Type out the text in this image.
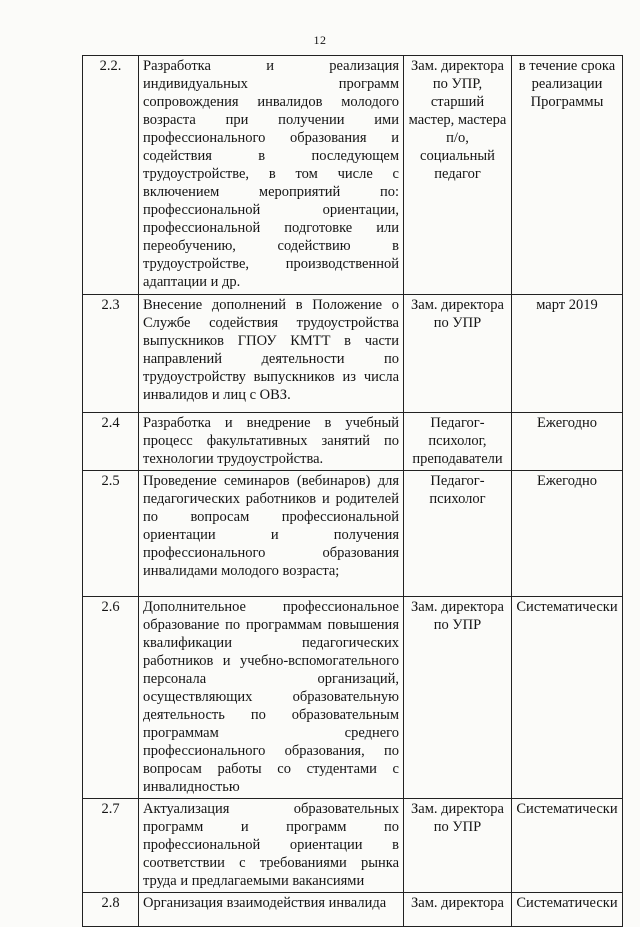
12
2.2.	Разработка и реализация индивидуальных программ сопровождения инвалидов молодого возраста при получении ими профессионального образования и содействия в последующем трудоустройстве, в том числе с включением мероприятий по: профессиональной ориентации, профессиональной подготовке или переобучению, содействию в трудоустройстве, производственной адаптации и др.	Зам. директора по УПР, старший мастер, мастера п/о, социальный педагог	в течение срока реализации Программы
2.3	Внесение дополнений в Положение о Службе содействия трудоустройства выпускников ГПОУ КМТТ в части направлений деятельности по трудоустройству выпускников из числа инвалидов и лиц с ОВЗ.	Зам. директора по УПР	март 2019
2.4	Разработка и внедрение в учебный процесс факультативных занятий по технологии трудоустройства.	Педагог-психолог, преподаватели	Ежегодно
2.5	Проведение семинаров (вебинаров) для педагогических работников и родителей по вопросам профессиональной ориентации и получения профессионального образования инвалидами молодого возраста;	Педагог-психолог	Ежегодно
2.6	Дополнительное профессиональное образование по программам повышения квалификации педагогических работников и учебно-вспомогательного персонала организаций, осуществляющих образовательную деятельность по образовательным программам среднего профессионального образования, по вопросам работы со студентами с инвалидностью	Зам. директора по УПР	Систематически
2.7	Актуализация образовательных программ и программ по профессиональной ориентации в соответствии с требованиями рынка труда и предлагаемыми вакансиями	Зам. директора по УПР	Систематически
2.8	Организация взаимодействия инвалида	Зам. директора	Систематически
